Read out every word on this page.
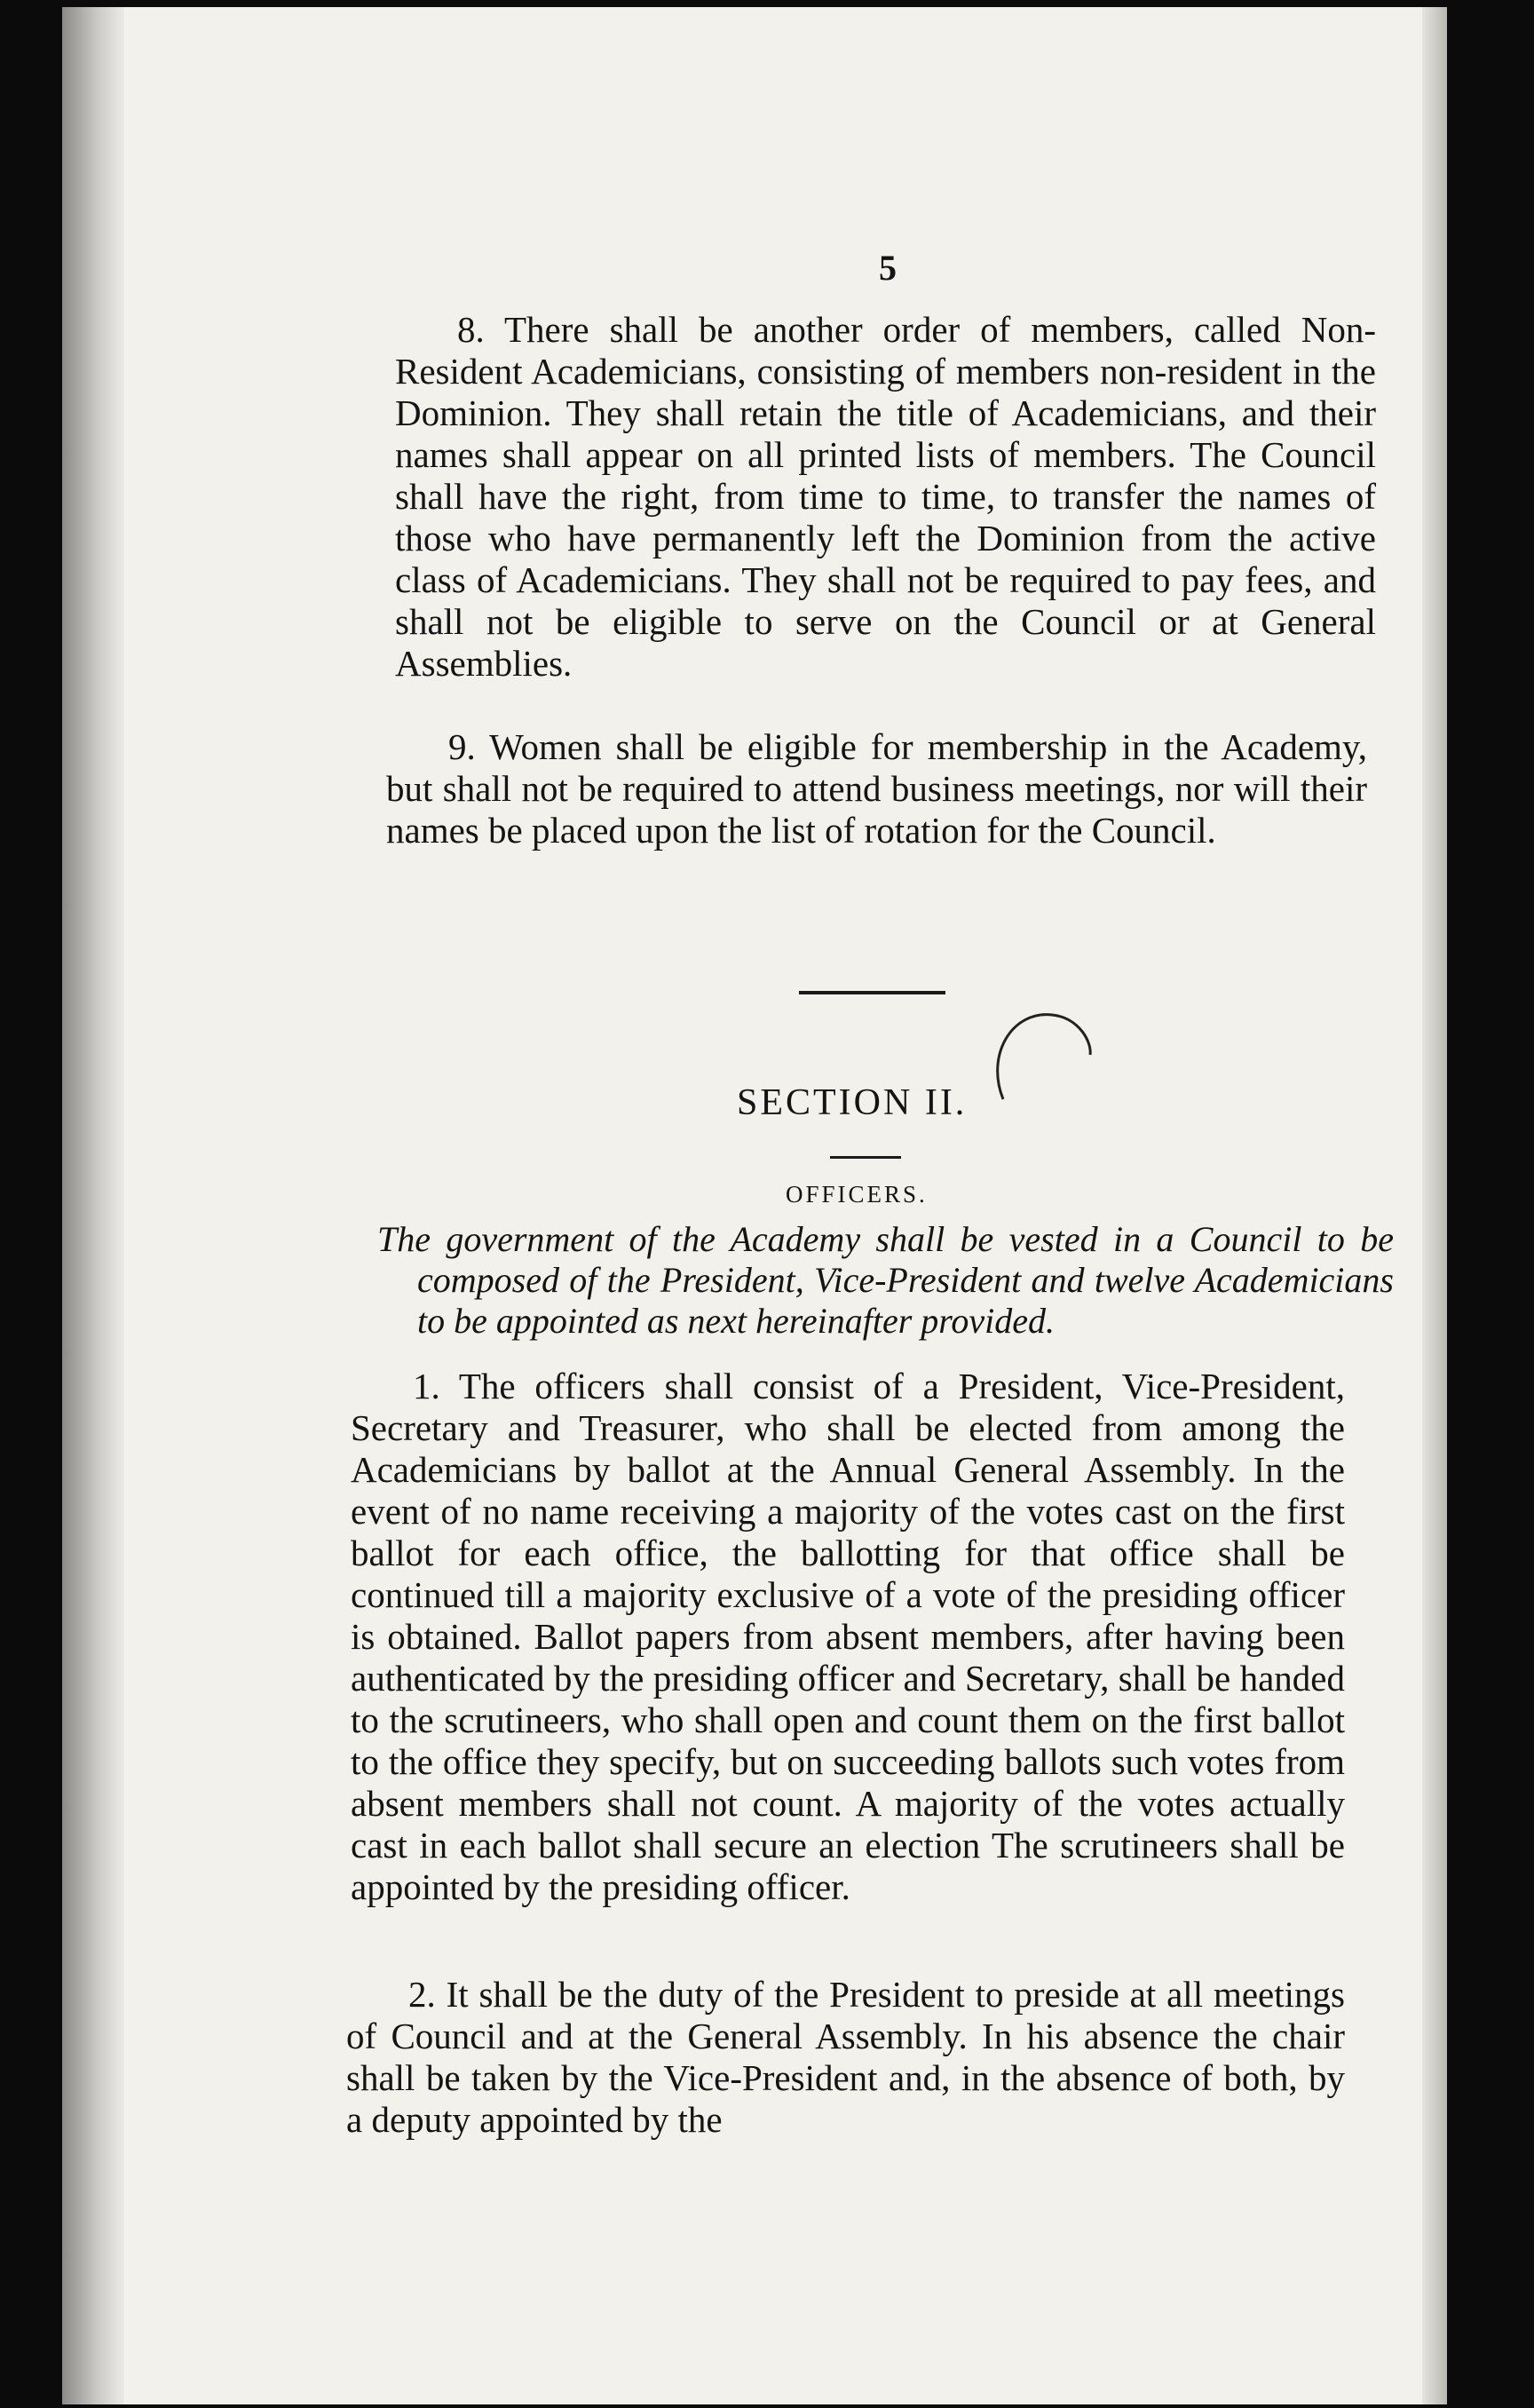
5

8. There shall be another order of members, called Non-Resident Academicians, consisting of members non-resident in the Dominion. They shall retain the title of Academicians, and their names shall appear on all printed lists of members. The Council shall have the right, from time to time, to transfer the names of those who have permanently left the Dominion from the active class of Academicians. They shall not be required to pay fees, and shall not be eligible to serve on the Council or at General Assemblies.

9. Women shall be eligible for membership in the Academy, but shall not be required to attend business meetings, nor will their names be placed upon the list of rotation for the Council.

SECTION II.
OFFICERS.

The government of the Academy shall be vested in a Council to be composed of the President, Vice-President and twelve Academicians to be appointed as next hereinafter provided.

1. The officers shall consist of a President, Vice-President, Secretary and Treasurer, who shall be elected from among the Academicians by ballot at the Annual General Assembly. In the event of no name receiving a majority of the votes cast on the first ballot for each office, the ballotting for that office shall be continued till a majority exclusive of a vote of the presiding officer is obtained. Ballot papers from absent members, after having been authenticated by the presiding officer and Secretary, shall be handed to the scrutineers, who shall open and count them on the first ballot to the office they specify, but on succeeding ballots such votes from absent members shall not count. A majority of the votes actually cast in each ballot shall secure an election The scrutineers shall be appointed by the presiding officer.

2. It shall be the duty of the President to preside at all meetings of Council and at the General Assembly. In his absence the chair shall be taken by the Vice-President and, in the absence of both, by a deputy appointed by the
